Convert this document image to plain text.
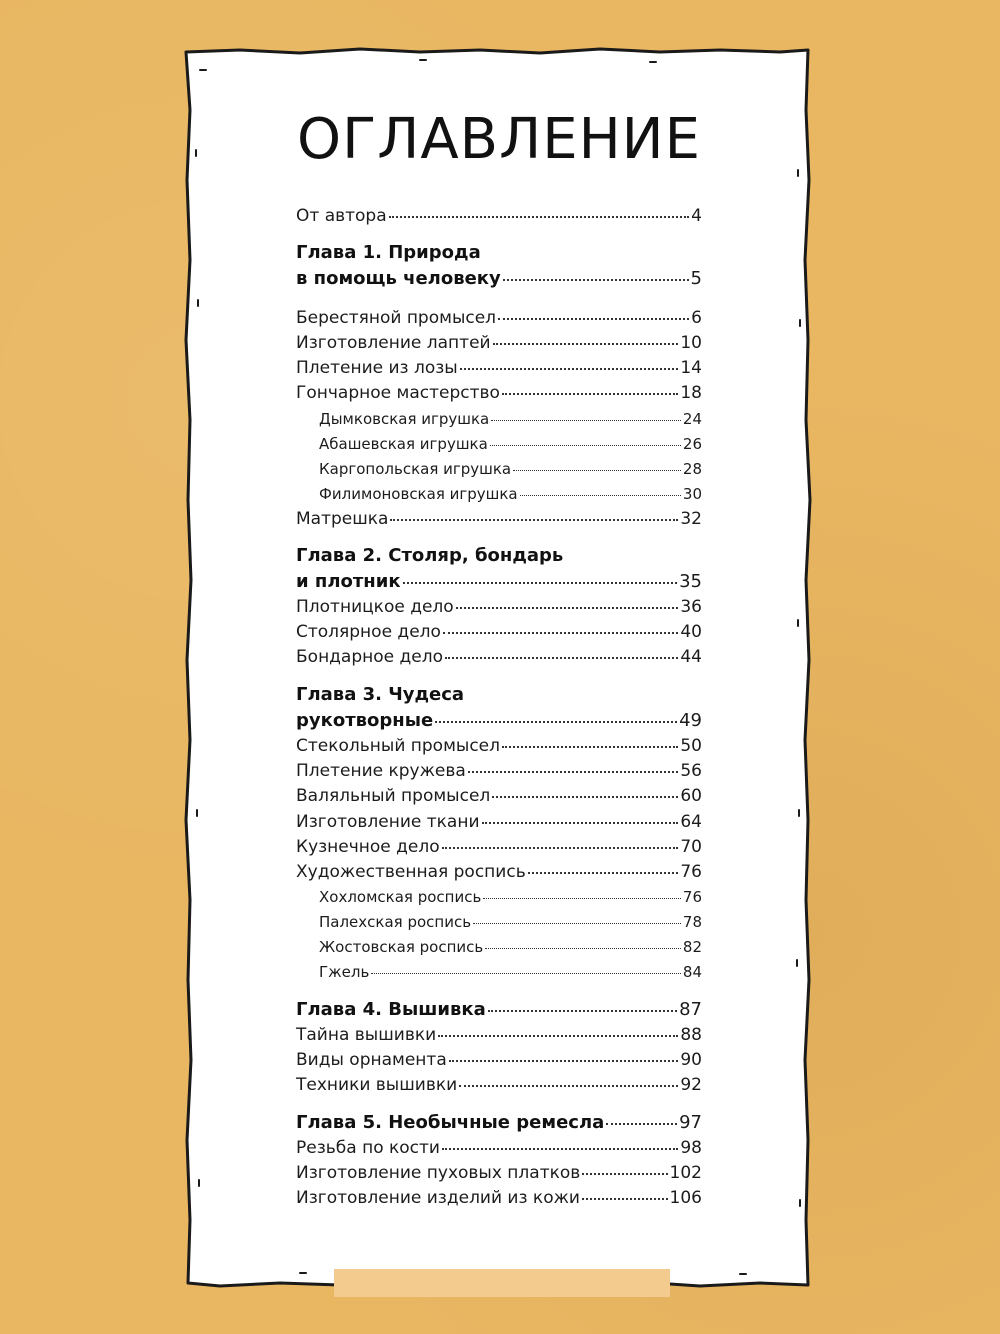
ОГЛАВЛЕНИЕ
От автора	4
Глава 1. Природа
в помощь человеку	5
Берестяной промысел	6
Изготовление лаптей	10
Плетение из лозы	14
Гончарное мастерство	18
Дымковская игрушка	24
Абашевская игрушка	26
Каргопольская игрушка	28
Филимоновская игрушка	30
Матрешка	32
Глава 2. Столяр, бондарь
и плотник	35
Плотницкое дело	36
Столярное дело	40
Бондарное дело	44
Глава 3. Чудеса
рукотворные	49
Стекольный промысел	50
Плетение кружева	56
Валяльный промысел	60
Изготовление ткани	64
Кузнечное дело	70
Художественная роспись	76
Хохломская роспись	76
Палехская роспись	78
Жостовская роспись	82
Гжель	84
Глава 4. Вышивка	87
Тайна вышивки	88
Виды орнамента	90
Техники вышивки	92
Глава 5. Необычные ремесла	97
Резьба по кости	98
Изготовление пуховых платков	102
Изготовление изделий из кожи	106
